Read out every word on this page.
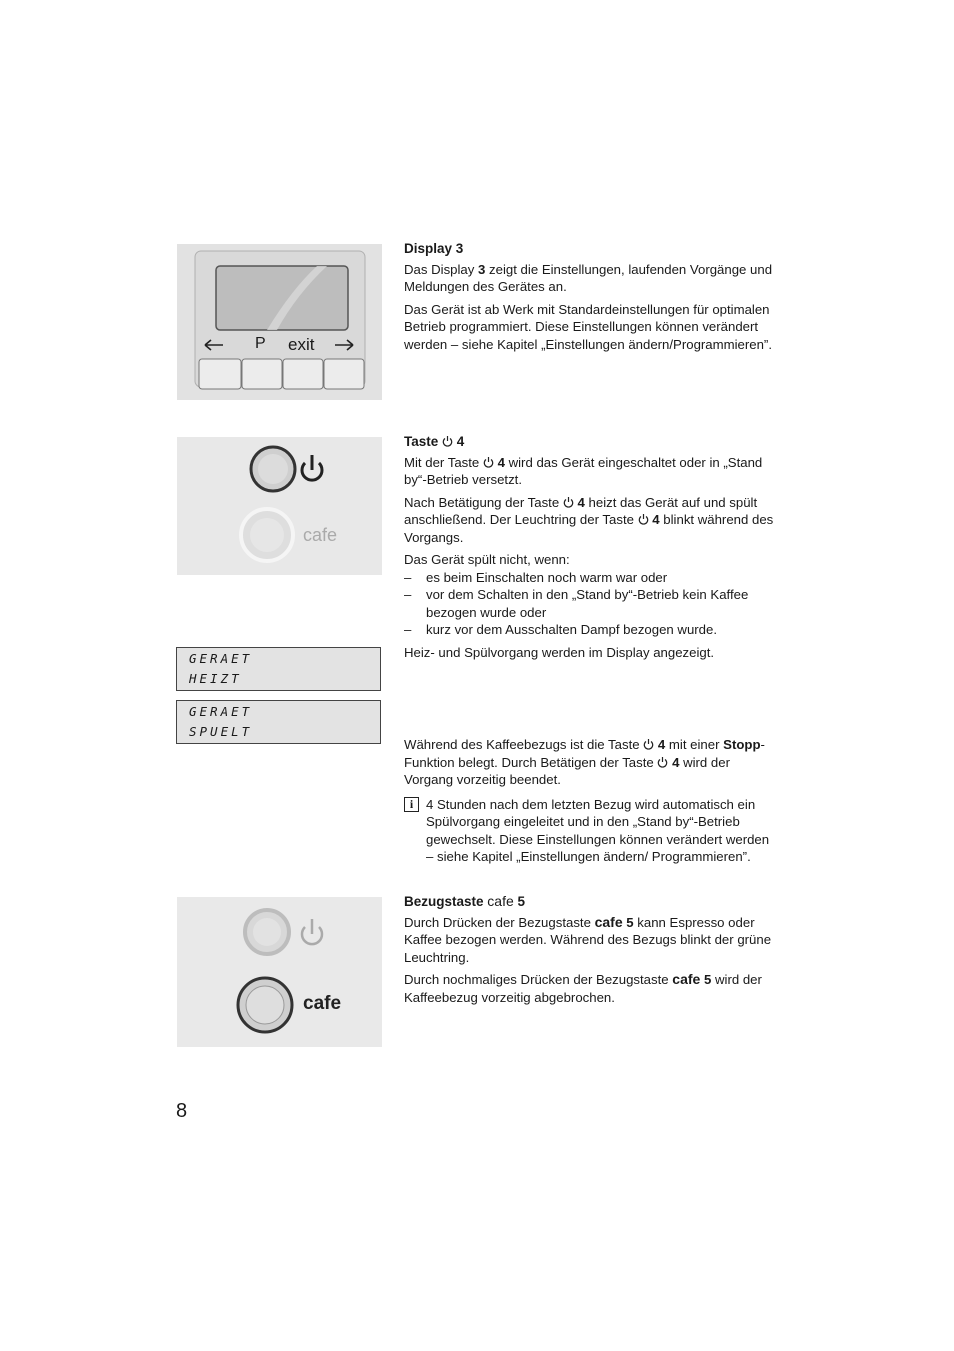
P exit

Display 3

Das Display 3 zeigt die Einstellungen, laufenden Vorgänge und Meldungen des Gerätes an.

Das Gerät ist ab Werk mit Standardeinstellungen für optimalen Betrieb programmiert. Diese Einstellungen können verändert werden – siehe Kapitel „Einstellungen ändern/Programmieren”.

cafe

Taste  4

Mit der Taste  4 wird das Gerät eingeschaltet oder in „Stand by“-Betrieb versetzt.

Nach Betätigung der Taste  4 heizt das Gerät auf und spült anschließend. Der Leuchtring der Taste  4 blinkt während des Vorgangs.

Das Gerät spült nicht, wenn:

– es beim Einschalten noch warm war oder

– vor dem Schalten in den „Stand by“-Betrieb kein Kaffee bezogen wurde oder

– kurz vor dem Ausschalten Dampf bezogen wurde.

Heiz- und Spülvorgang werden im Display angezeigt.

GERAET
HEIZT
GERAET
SPUELT

Während des Kaffeebezugs ist die Taste  4 mit einer Stopp-Funktion belegt. Durch Betätigen der Taste  4 wird der Vorgang vorzeitig beendet.

i 4 Stunden nach dem letzten Bezug wird automatisch ein Spülvorgang eingeleitet und in den „Stand by“-Betrieb gewechselt. Diese Einstellungen können verändert werden – siehe Kapitel „Einstellungen ändern/ Programmieren”.

cafe

Bezugstaste cafe 5

Durch Drücken der Bezugstaste cafe 5 kann Espresso oder Kaffee bezogen werden. Während des Bezugs blinkt der grüne Leuchtring.

Durch nochmaliges Drücken der Bezugstaste cafe 5 wird der Kaffeebezug vorzeitig abgebrochen.

8
